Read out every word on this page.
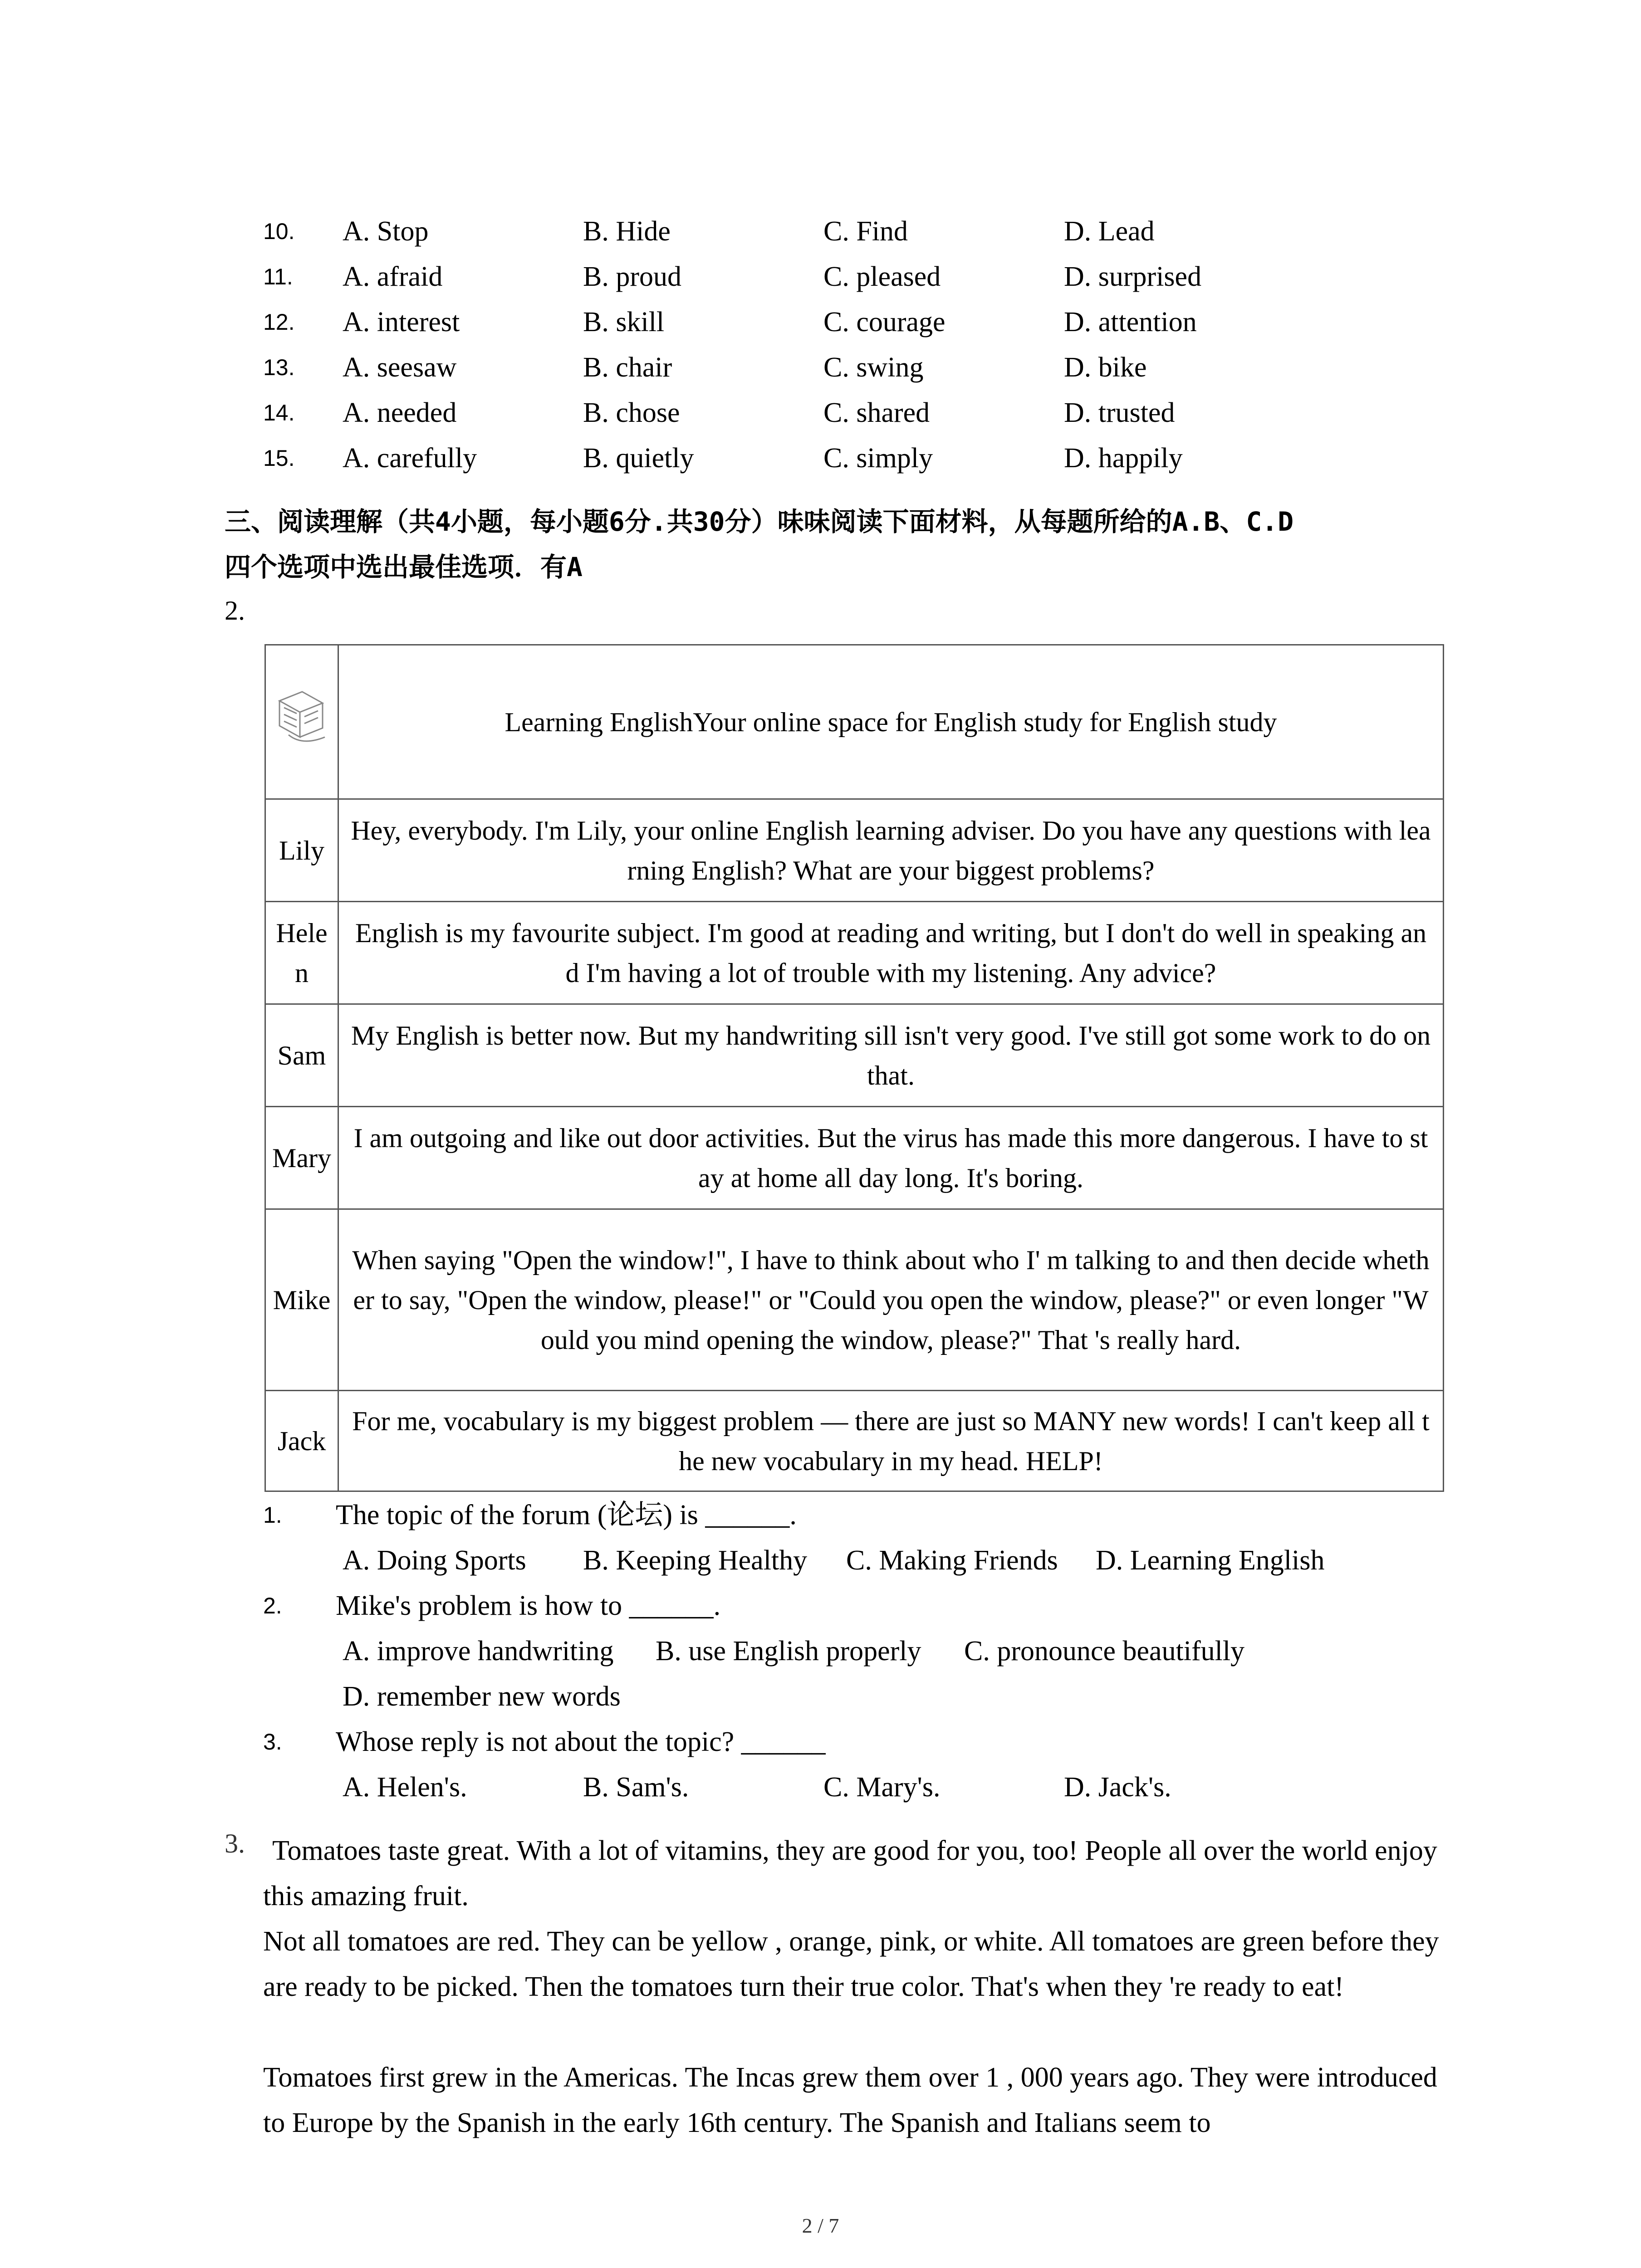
10. A. Stop	B. Hide	C. Find	D. Lead
11. A. afraid	B. proud	C. pleased	D. surprised
12. A. interest	B. skill	C. courage	D. attention
13. A. seesaw	B. chair	C. swing	D. bike
14. A. needed	B. chose	C. shared	D. trusted
15. A. carefully	B. quietly	C. simply	D. happily
三、阅读理解（共4小题，每小题6分.共30分）味味阅读下面材料，从每题所给的A.B、C.D
四个选项中选出最佳选项．有A
2.
	Learning EnglishYour online space for English study for English study
Lily	Hey, everybody. I'm Lily, your online English learning adviser. Do you have any questions with learning English? What are your biggest problems?
Helen	English is my favourite subject. I'm good at reading and writing, but I don't do well in speaking and I'm having a lot of trouble with my listening. Any advice?
Sam	My English is better now. But my handwriting sill isn't very good. I've still got some work to do on that.
Mary	I am outgoing and like out door activities. But the virus has made this more dangerous. I have to stay at home all day long. It's boring.
Mike	When saying "Open the window!", I have to think about who I' m talking to and then decide whether to say, "Open the window, please!" or "Could you open the window, please?" or even longer "Would you mind opening the window, please?" That 's really hard.
Jack	For me, vocabulary is my biggest problem — there are just so MANY new words! I can't keep all the new vocabulary in my head. HELP!
1. The topic of the forum (论坛) is ______.
A. Doing Sports B. Keeping Healthy C. Making Friends D. Learning English
2. Mike's problem is how to ______.
A. improve handwriting B. use English properly C. pronounce beautifully
D. remember new words
3. Whose reply is not about the topic? ______
A. Helen's.	B. Sam's.	C. Mary's.	D. Jack's.
3. Tomatoes taste great. With a lot of vitamins, they are good for you, too! People all over the world enjoy this amazing fruit.
Not all tomatoes are red. They can be yellow , orange, pink, or white. All tomatoes are green before they are ready to be picked. Then the tomatoes turn their true color. That's when they 're ready to eat!
Tomatoes first grew in the Americas. The Incas grew them over 1 , 000 years ago. They were introduced to Europe by the Spanish in the early 16th century. The Spanish and Italians seem to
2 / 7
